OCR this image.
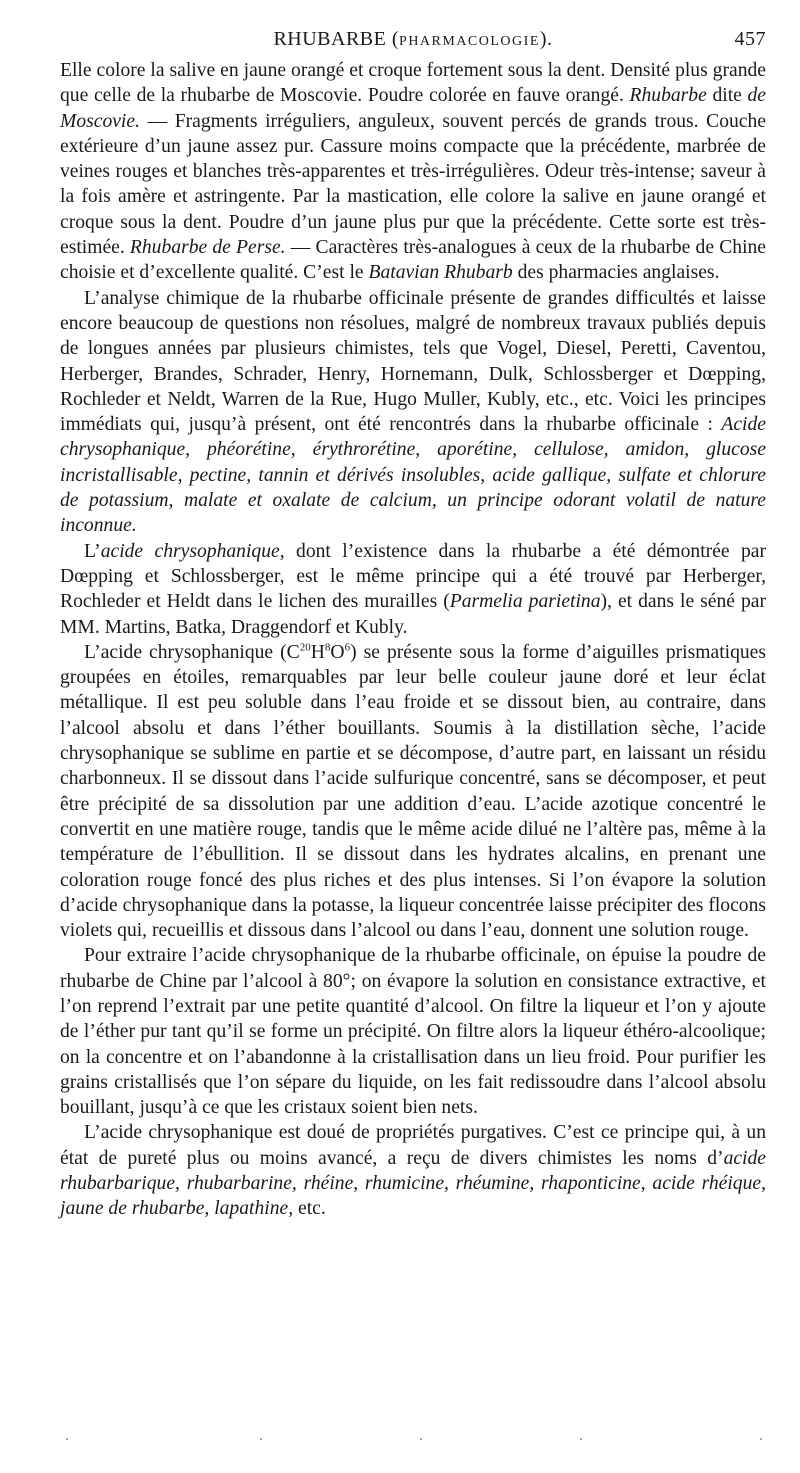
RHUBARBE (PHARMACOLOGIE).	457

Elle colore la salive en jaune orangé et croque fortement sous la dent. Densité plus grande que celle de la rhubarbe de Moscovie. Poudre colorée en fauve orangé. Rhubarbe dite de Moscovie. — Fragments irréguliers, anguleux, souvent percés de grands trous. Couche extérieure d’un jaune assez pur. Cassure moins compacte que la précédente, marbrée de veines rouges et blanches très-apparentes et très-irrégulières. Odeur très-intense; saveur à la fois amère et astringente. Par la mastication, elle colore la salive en jaune orangé et croque sous la dent. Poudre d’un jaune plus pur que la précédente. Cette sorte est très-estimée. Rhubarbe de Perse. — Caractères très-analogues à ceux de la rhubarbe de Chine choisie et d’excellente qualité. C’est le Batavian Rhubarb des pharmacies anglaises.

L’analyse chimique de la rhubarbe officinale présente de grandes difficultés et laisse encore beaucoup de questions non résolues, malgré de nombreux travaux publiés depuis de longues années par plusieurs chimistes, tels que Vogel, Diesel, Peretti, Caventou, Herberger, Brandes, Schrader, Henry, Hornemann, Dulk, Schlossberger et Dœpping, Rochleder et Neldt, Warren de la Rue, Hugo Muller, Kubly, etc., etc. Voici les principes immédiats qui, jusqu’à présent, ont été rencontrés dans la rhubarbe officinale : Acide chrysophanique, phéorétine, érythrorétine, aporétine, cellulose, amidon, glucose incristallisable, pectine, tannin et dérivés insolubles, acide gallique, sulfate et chlorure de potassium, malate et oxalate de calcium, un principe odorant volatil de nature inconnue.

L’acide chrysophanique, dont l’existence dans la rhubarbe a été démontrée par Dœpping et Schlossberger, est le même principe qui a été trouvé par Herberger, Rochleder et Heldt dans le lichen des murailles (Parmelia parietina), et dans le séné par MM. Martins, Batka, Draggendorf et Kubly.

L’acide chrysophanique $(C^{20}H^8O^6)$ se présente sous la forme d’aiguilles prismatiques groupées en étoiles, remarquables par leur belle couleur jaune doré et leur éclat métallique. Il est peu soluble dans l’eau froide et se dissout bien, au contraire, dans l’alcool absolu et dans l’éther bouillants. Soumis à la distillation sèche, l’acide chrysophanique se sublime en partie et se décompose, d’autre part, en laissant un résidu charbonneux. Il se dissout dans l’acide sulfurique concentré, sans se décomposer, et peut être précipité de sa dissolution par une addition d’eau. L’acide azotique concentré le convertit en une matière rouge, tandis que le même acide dilué ne l’altère pas, même à la température de l’ébullition. Il se dissout dans les hydrates alcalins, en prenant une coloration rouge foncé des plus riches et des plus intenses. Si l’on évapore la solution d’acide chrysophanique dans la potasse, la liqueur concentrée laisse précipiter des flocons violets qui, recueillis et dissous dans l’alcool ou dans l’eau, donnent une solution rouge.

Pour extraire l’acide chrysophanique de la rhubarbe officinale, on épuise la poudre de rhubarbe de Chine par l’alcool à 80°; on évapore la solution en consistance extractive, et l’on reprend l’extrait par une petite quantité d’alcool. On filtre la liqueur et l’on y ajoute de l’éther pur tant qu’il se forme un précipité. On filtre alors la liqueur éthéro-alcoolique; on la concentre et on l’abandonne à la cristallisation dans un lieu froid. Pour purifier les grains cristallisés que l’on sépare du liquide, on les fait redissoudre dans l’alcool absolu bouillant, jusqu’à ce que les cristaux soient bien nets.

L’acide chrysophanique est doué de propriétés purgatives. C’est ce principe qui, à un état de pureté plus ou moins avancé, a reçu de divers chimistes les noms d’acide rhubarbarique, rhubarbarine, rhéine, rhumicine, rhéumine, rhaponticine, acide rhéique, jaune de rhubarbe, lapathine, etc.
